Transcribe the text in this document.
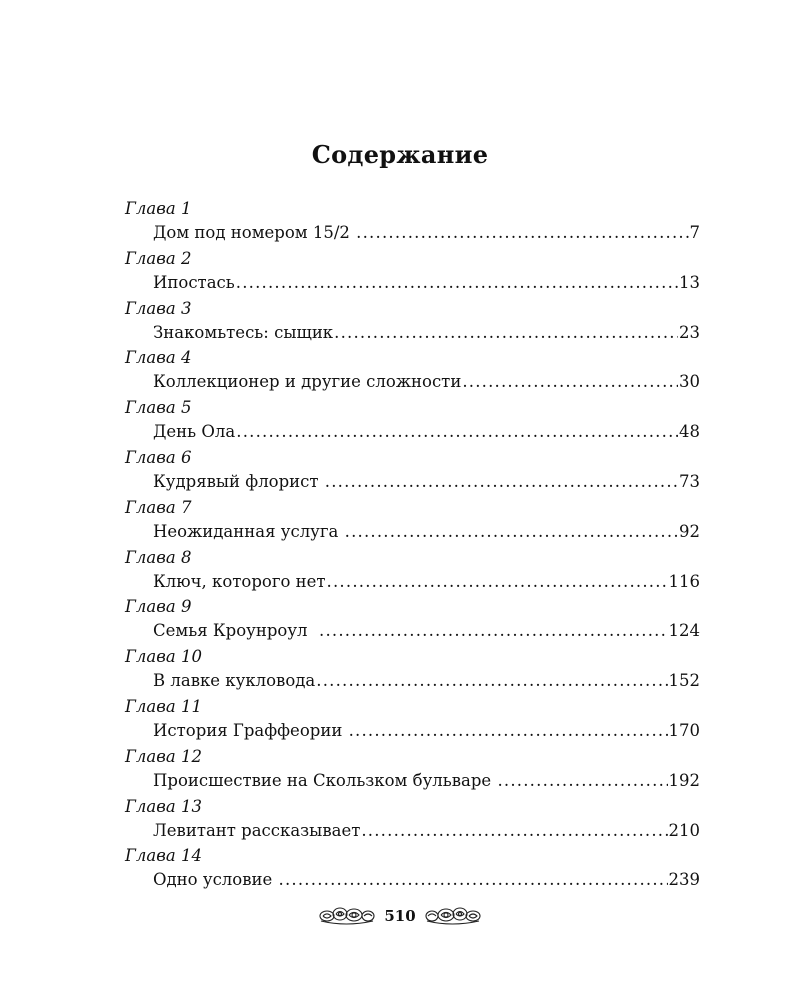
Содержание
Глава 1
Дом под номером 15/2 .....	7
Глава 2
Ипостась .....	13
Глава 3
Знакомьтесь: сыщик .....	23
Глава 4
Коллекционер и другие сложности .....	30
Глава 5
День Ола .....	48
Глава 6
Кудрявый флорист .....	73
Глава 7
Неожиданная услуга .....	92
Глава 8
Ключ, которого нет .....	116
Глава 9
Семья Кроунроул .....	124
Глава 10
В лавке кукловода .....	152
Глава 11
История Граффеории .....	170
Глава 12
Происшествие на Скользком бульваре .....	192
Глава 13
Левитант рассказывает .....	210
Глава 14
Одно условие .....	239
510
